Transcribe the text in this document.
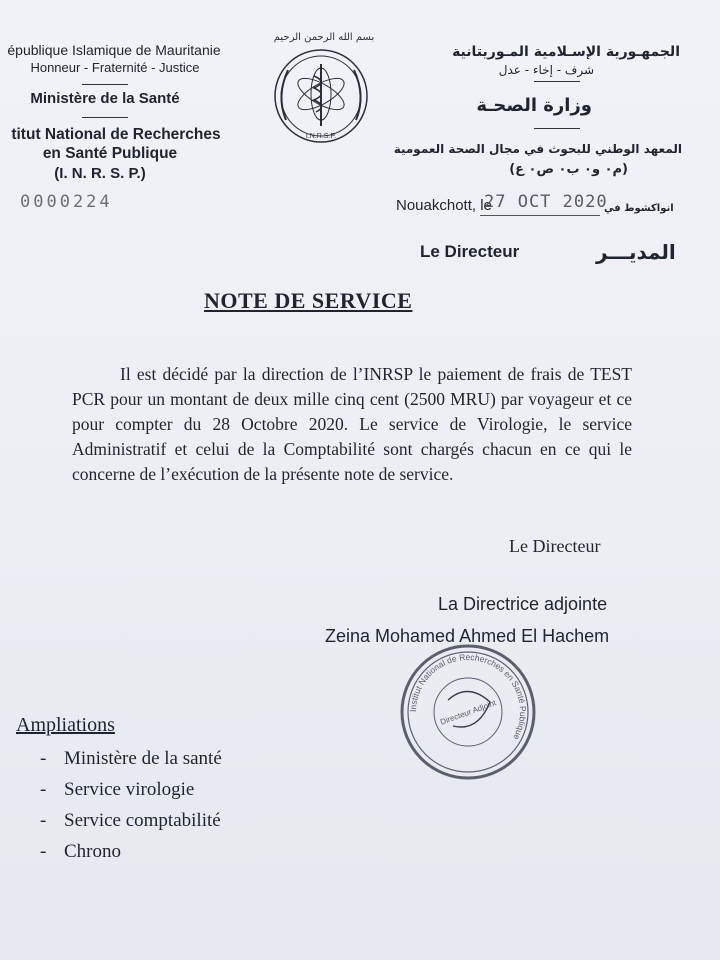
épublique Islamique de Mauritanie
Honneur - Fraternité - Justice
Ministère de la Santé
titut National de Recherches
en Santé Publique
(I. N. R. S. P.)
0000224
بسم الله الرحمن الرحيم
I.N.R.S.P.
الجمهـورية الإسـلامية المـوريتانية
شرف - إخاء - عدل
وزارة الصحـة
المعهد الوطني للبحوث في مجال الصحة العمومية
(م٠ و٠ ب٠ ص٠ ع)
Nouakchott, le
27 OCT 2020
انواكشوط في
Le Directeur	المديـــر
NOTE DE SERVICE
Il est décidé par la direction de l’INRSP le paiement de frais de TEST PCR pour un montant de deux mille cinq cent (2500 MRU) par voyageur et ce pour compter du 28 Octobre 2020. Le service de Virologie, le service Administratif et celui de la Comptabilité sont chargés chacun en ce qui le concerne de l’exécution de la présente note de service.
Le Directeur
La Directrice adjointe
Zeina Mohamed Ahmed El Hachem
Institut National de Recherches en Santé Publique
Directeur Adjoint
Ampliations
- Ministère de la santé
- Service virologie
- Service comptabilité
- Chrono
